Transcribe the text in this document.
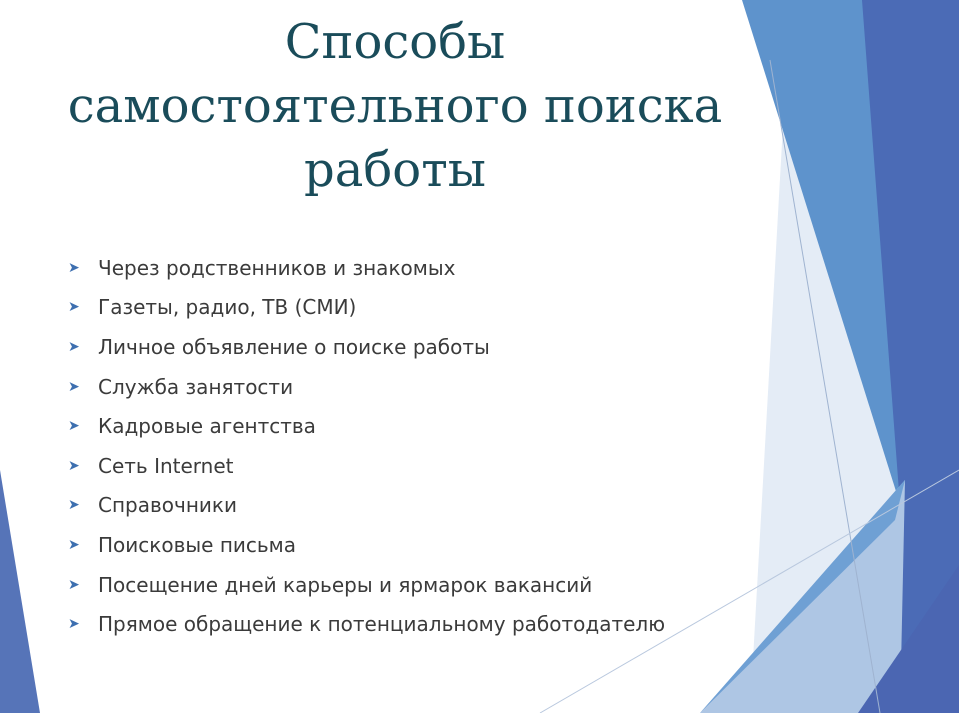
Способы
самостоятельного поиска
работы
➤ Через родственников и знакомых
➤ Газеты, радио, ТВ (СМИ)
➤ Личное объявление о поиске работы
➤ Служба занятости
➤ Кадровые агентства
➤ Сеть Internet
➤ Справочники
➤ Поисковые письма
➤ Посещение дней карьеры и ярмарок вакансий
➤ Прямое обращение к потенциальному работодателю
